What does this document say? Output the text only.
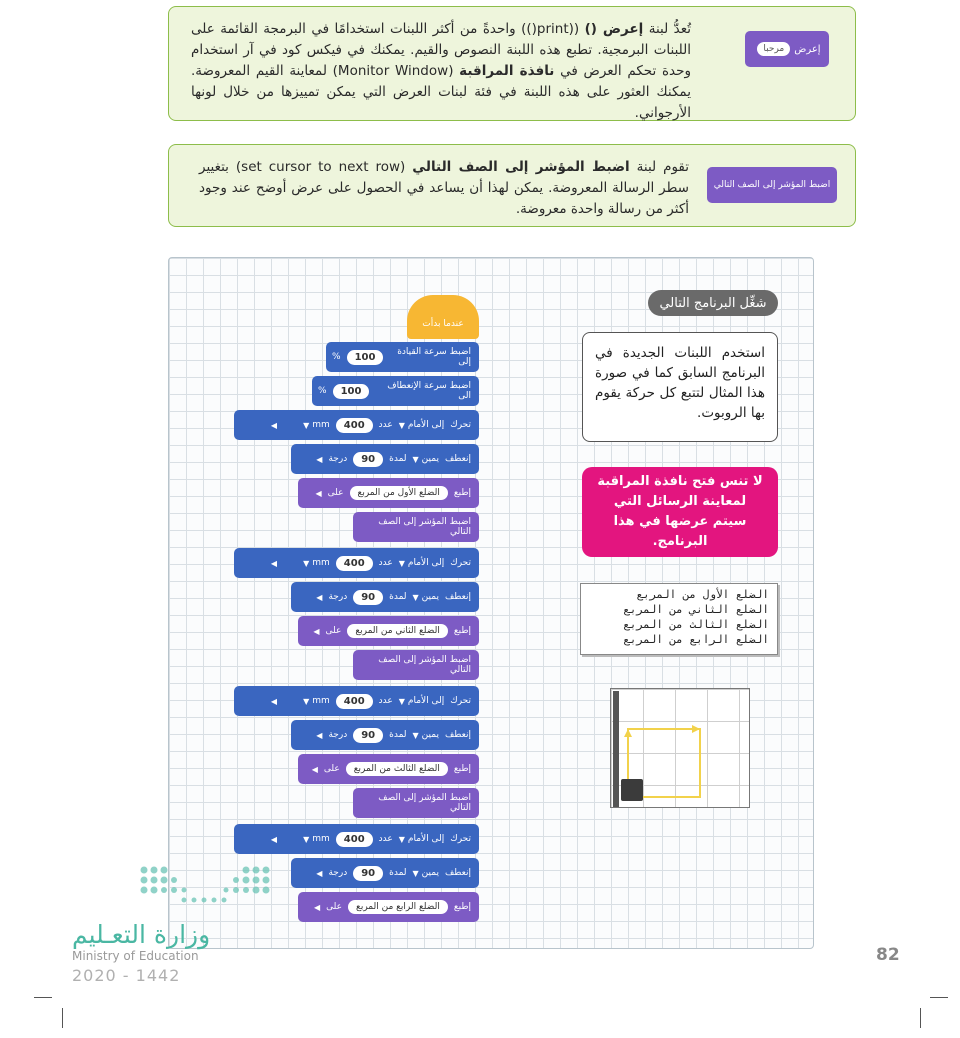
إعرض
مرحبا

تُعدُّ لبنة إعرض () ((print()) واحدةً من أكثر اللبنات استخدامًا في البرمجة القائمة على اللبنات البرمجية. تطبع هذه اللبنة النصوص والقيم. يمكنك في فيكس كود في آر استخدام وحدة تحكم العرض في نافذة المراقبة (Monitor Window) لمعاينة القيم المعروضة. يمكنك العثور على هذه اللبنة في فئة لبنات العرض التي يمكن تمييزها من خلال لونها الأرجواني.

اضبط المؤشر إلى الصف التالي

تقوم لبنة اضبط المؤشر إلى الصف التالي (set cursor to next row) بتغيير سطر الرسالة المعروضة. يمكن لهذا أن يساعد في الحصول على عرض أوضح عند وجود أكثر من رسالة واحدة معروضة.

عندما بدأت
اضبط سرعة القيادة إلى
100
%
اضبط سرعة الإنعطاف الى
100
%
تحرك
إلى الأمام
▼
عدد
400
mm
▼
◀
إنعطف
يمين
▼
لمدة
90
درجة
◀
إطبع
الضلع الأول من المربع
على
◀
اضبط المؤشر إلى الصف التالي
تحرك
إلى الأمام
▼
عدد
400
mm
▼
◀
إنعطف
يمين
▼
لمدة
90
درجة
◀
إطبع
الضلع الثاني من المربع
على
◀
اضبط المؤشر إلى الصف التالي
تحرك
إلى الأمام
▼
عدد
400
mm
▼
◀
إنعطف
يمين
▼
لمدة
90
درجة
◀
إطبع
الضلع الثالث من المربع
على
◀
اضبط المؤشر إلى الصف التالي
تحرك
إلى الأمام
▼
عدد
400
mm
▼
◀
إنعطف
يمين
▼
لمدة
90
درجة
◀
إطبع
الضلع الرابع من المربع
على
◀
شغِّل البرنامج التالي
استخدم اللبنات الجديدة في البرنامج السابق كما في صورة هذا المثال لتتبع كل حركة يقوم بها الروبوت.
لا تنس فتح نافذة المراقبة لمعاينة الرسائل التي سيتم عرضها في هذا البرنامج.
الضلع الأول من المربع
الضلع الثاني من المربع
الضلع الثالث من المربع
الضلع الرابع من المربع
وزارة التعـليم
Ministry of Education
2020 - 1442
82
